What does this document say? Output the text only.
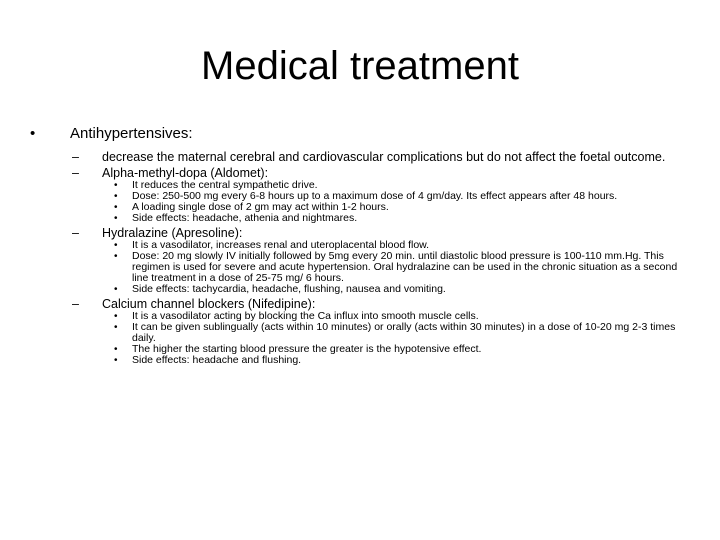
Medical treatment
• Antihypertensives:
– decrease the maternal cerebral and cardiovascular complications but do not affect the foetal outcome.
– Alpha-methyl-dopa (Aldomet):
• It reduces the central sympathetic drive.
• Dose: 250-500 mg every 6-8 hours up to a maximum dose of 4 gm/day. Its effect appears after 48 hours.
• A loading single dose of 2 gm may act within 1-2 hours.
• Side effects: headache, athenia and nightmares.
– Hydralazine (Apresoline):
• It is a vasodilator, increases renal and uteroplacental blood flow.
• Dose: 20 mg slowly IV initially followed by 5mg every 20 min. until diastolic blood pressure is 100-110 mm.Hg. This regimen is used for severe and acute hypertension. Oral hydralazine can be used in the chronic situation as a second line treatment in a dose of 25-75 mg/ 6 hours.
• Side effects: tachycardia, headache, flushing, nausea and vomiting.
– Calcium channel blockers (Nifedipine):
• It is a vasodilator acting by blocking the Ca influx into smooth muscle cells.
• It can be given sublingually (acts within 10 minutes) or orally (acts within 30 minutes) in a dose of 10-20 mg 2-3 times daily.
• The higher the starting blood pressure the greater is the hypotensive effect.
• Side effects: headache and flushing.
